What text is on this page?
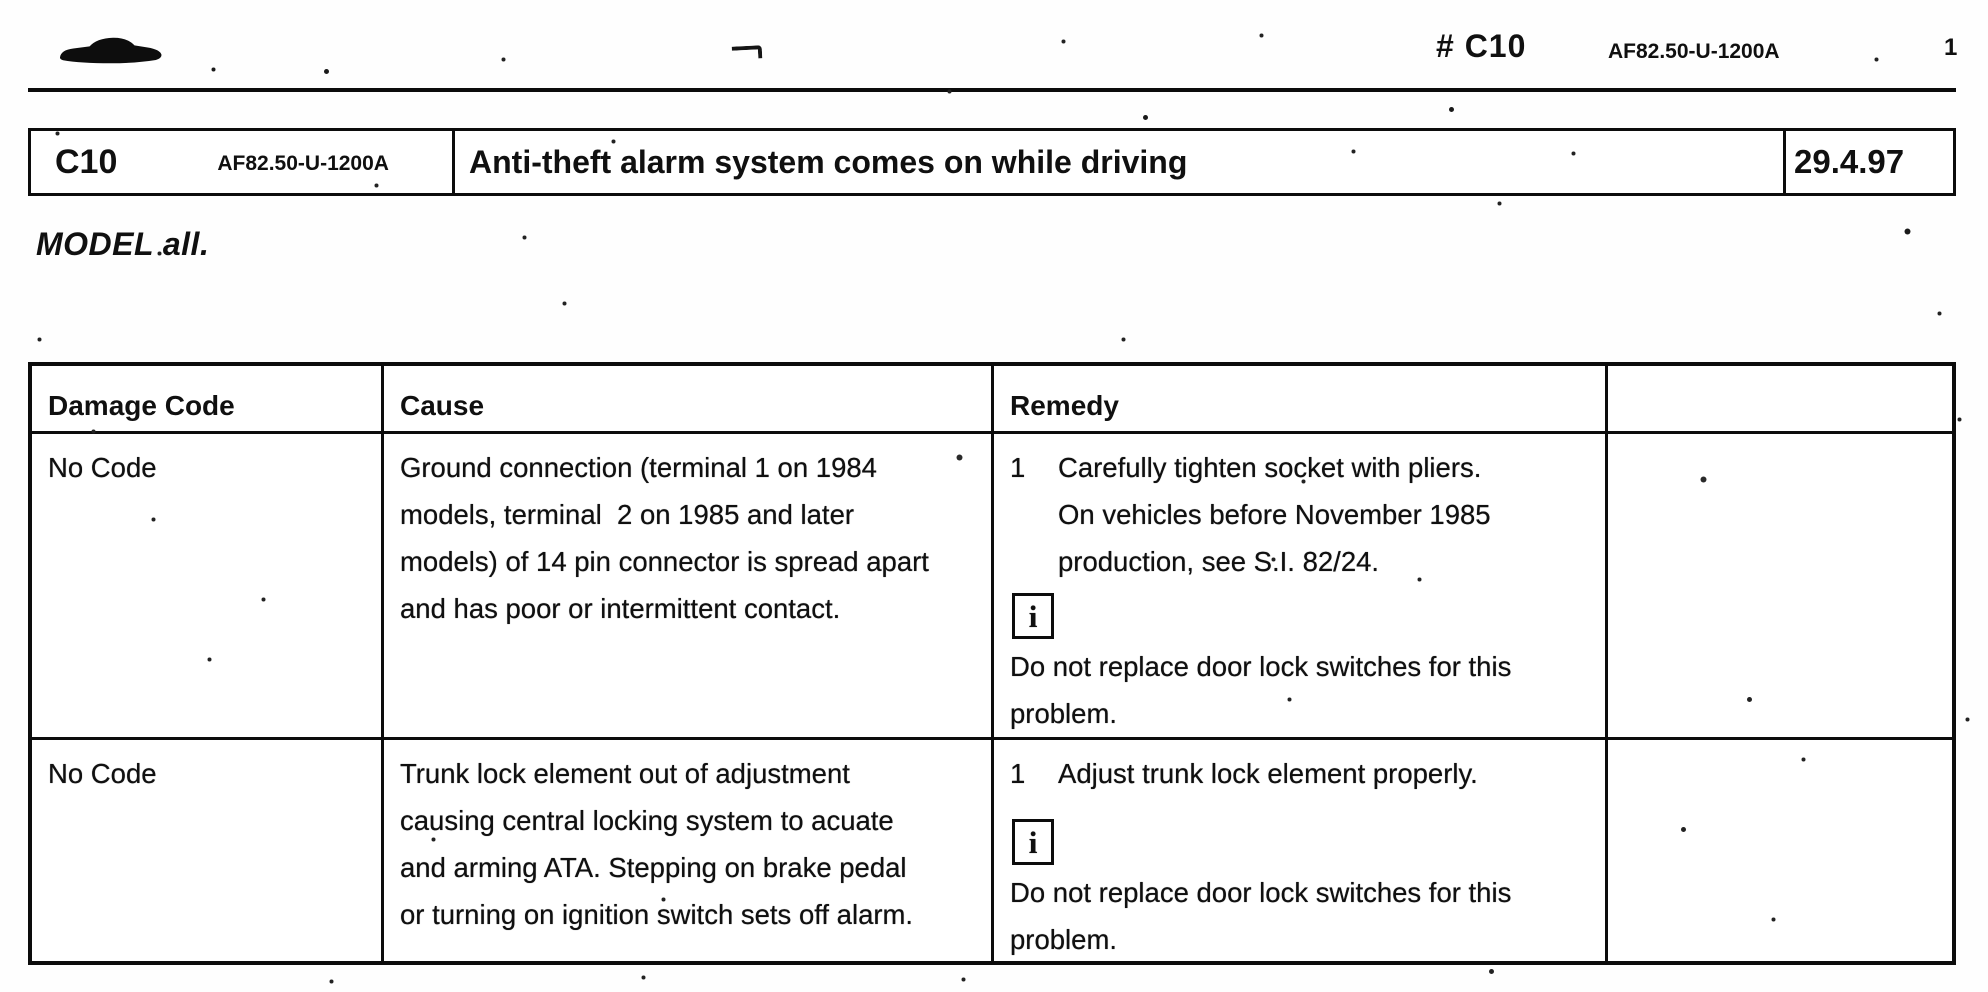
# C10	AF82.50-U-1200A	1
C10	AF82.50-U-1200A	Anti-theft alarm system comes on while driving	29.4.97
MODEL all.
Damage Code	Cause	Remedy
No Code	Ground connection (terminal 1 on 1984
models, terminal  2 on 1985 and later
models) of 14 pin connector is spread apart
and has poor or intermittent contact.
1	Carefully tighten socket with pliers.
On vehicles before November 1985
production, see S.I. 82/24.
i
Do not replace door lock switches for this
problem.
No Code	Trunk lock element out of adjustment
causing central locking system to acuate
and arming ATA. Stepping on brake pedal
or turning on ignition switch sets off alarm.
1	Adjust trunk lock element properly.
i
Do not replace door lock switches for this
problem.
